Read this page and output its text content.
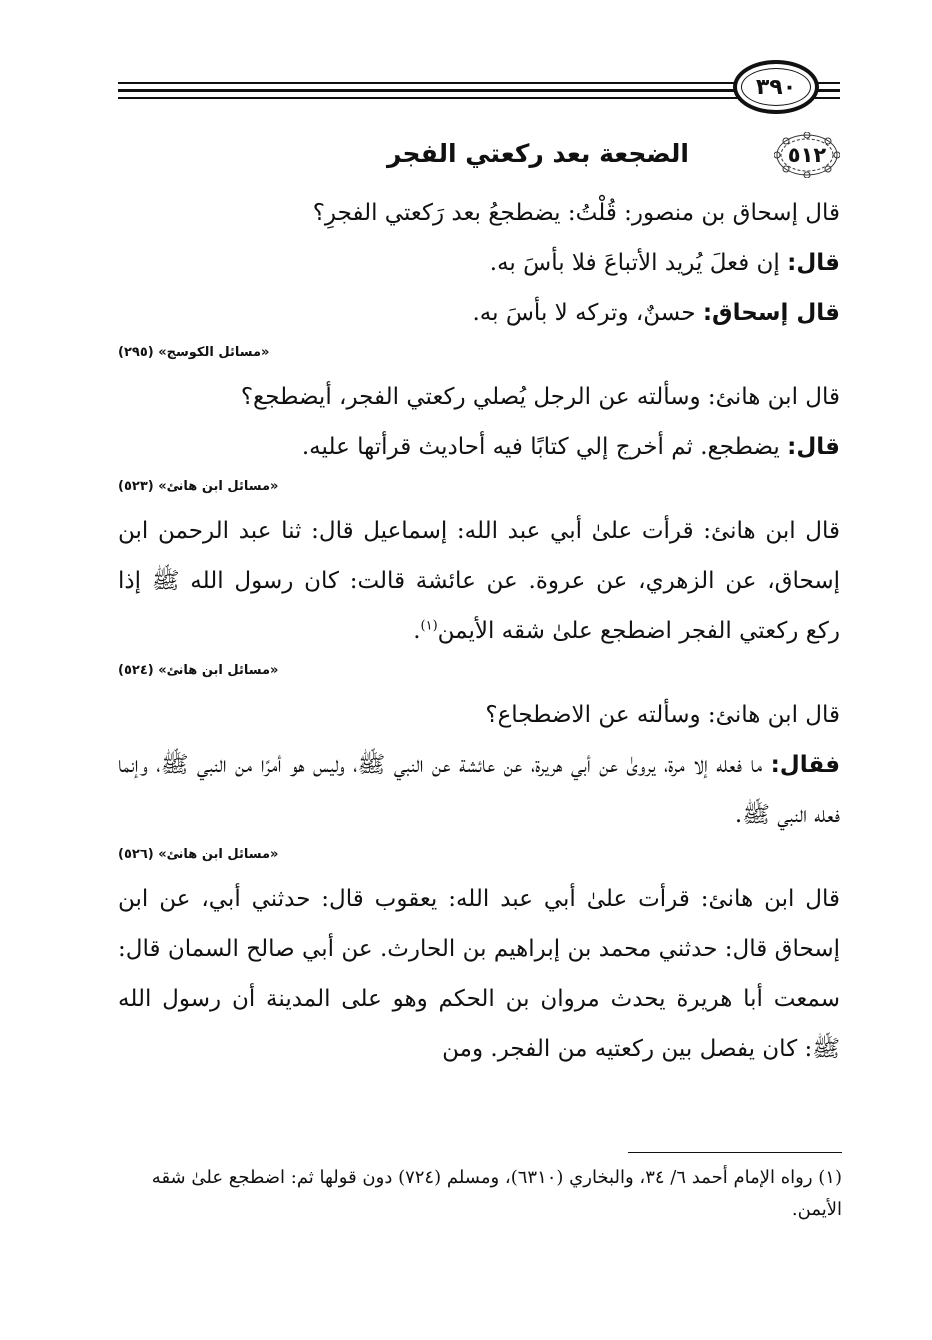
٣٩٠
٥١٢
الضجعة بعد ركعتي الفجر

قال إسحاق بن منصور: قُلْتُ: يضطجعُ بعد رَكعتي الفجرِ؟

قال: إن فعلَ يُريد الأتباعَ فلا بأسَ به.

قال إسحاق: حسنٌ، وتركه لا بأسَ به.

«مسائل الكوسج» (٢٩٥)

قال ابن هانئ: وسألته عن الرجل يُصلي ركعتي الفجر، أيضطجع؟

قال: يضطجع. ثم أخرج إلي كتابًا فيه أحاديث قرأتها عليه.

«مسائل ابن هانئ» (٥٢٣)

قال ابن هانئ: قرأت علىٰ أبي عبد الله: إسماعيل قال: ثنا عبد الرحمن ابن إسحاق، عن الزهري، عن عروة. عن عائشة قالت: كان رسول الله ﷺ إذا ركع ركعتي الفجر اضطجع علىٰ شقه الأيمن$^{(١)}$.

«مسائل ابن هانئ» (٥٢٤)

قال ابن هانئ: وسألته عن الاضطجاع؟

فقال: ما فعله إلا مرة، يرویٰ عن أبي هريرة، عن عائشة عن النبي ﷺ، وليس هو أمرًا من النبي ﷺ، وإنما فعله النبي ﷺ.

«مسائل ابن هانئ» (٥٢٦)

قال ابن هانئ: قرأت علىٰ أبي عبد الله: يعقوب قال: حدثني أبي، عن ابن إسحاق قال: حدثني محمد بن إبراهيم بن الحارث. عن أبي صالح السمان قال: سمعت أبا هريرة يحدث مروان بن الحكم وهو على المدينة أن رسول الله ﷺ: كان يفصل بين ركعتيه من الفجر. ومن

(١) رواه الإمام أحمد ٦/ ٣٤، والبخاري (٦٣١٠)، ومسلم (٧٢٤) دون قولها ثم: اضطجع علىٰ شقه الأيمن.
